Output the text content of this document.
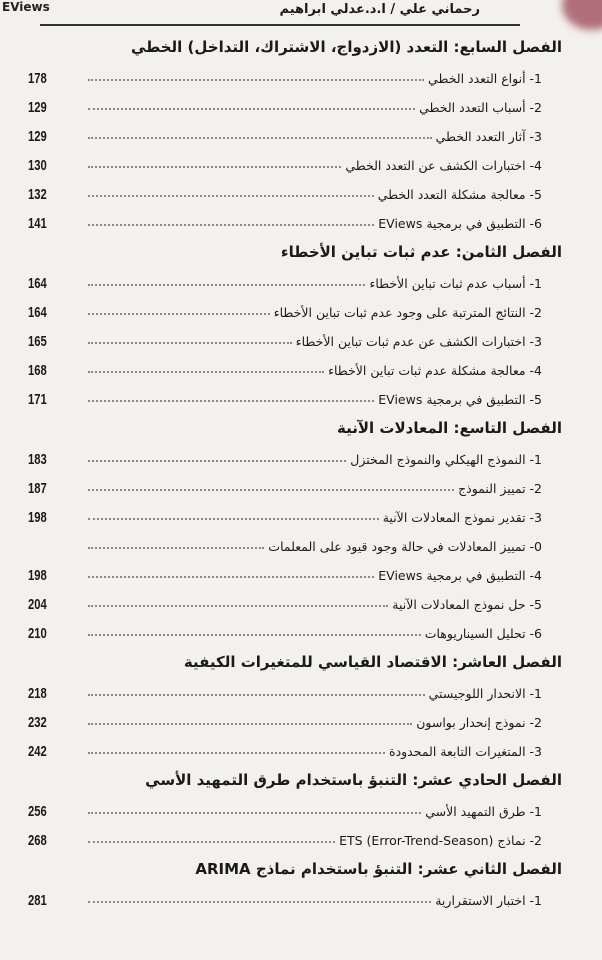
EViews	رحماني علي / ا.د.عدلي ابراهيم
الفصل السابع: التعدد (الازدواج، الاشتراك، التداخل) الخطي
178	1- أنواع التعدد الخطي
129	2- أسباب التعدد الخطي
129	3- آثار التعدد الخطي
130	4- اختبارات الكشف عن التعدد الخطي
132	5- معالجة مشكلة التعدد الخطي
141	6- التطبيق في برمجية EViews
الفصل الثامن: عدم ثبات تباين الأخطاء
164	1- أسباب عدم ثبات تباين الأخطاء
164	2- النتائج المترتبة على وجود عدم ثبات تباين الأخطاء
165	3- اختبارات الكشف عن عدم ثبات تباين الأخطاء
168	4- معالجة مشكلة عدم ثبات تباين الأخطاء
171	5- التطبيق في برمجية EViews
الفصل التاسع: المعادلات الآنية
183	1- النموذج الهيكلي والنموذج المختزل
187	2- تمييز النموذج
198	3- تقدير نموذج المعادلات الآنية
0- تمييز المعادلات في حالة وجود قيود على المعلمات
198	4- التطبيق في برمجية EViews
204	5- حل نموذج المعادلات الآنية
210	6- تحليل السيناريوهات
الفصل العاشر: الاقتصاد القياسي للمتغيرات الكيفية
218	1- الانحدار اللوجيستي
232	2- نموذج إنحدار بواسون
242	3- المتغيرات التابعة المحدودة
الفصل الحادي عشر: التنبؤ باستخدام طرق التمهيد الأسي
256	1- طرق التمهيد الأسي
268	2- نماذج ETS (Error-Trend-Season)
الفصل الثاني عشر: التنبؤ باستخدام نماذج ARIMA
281	1- اختبار الاستقرارية
